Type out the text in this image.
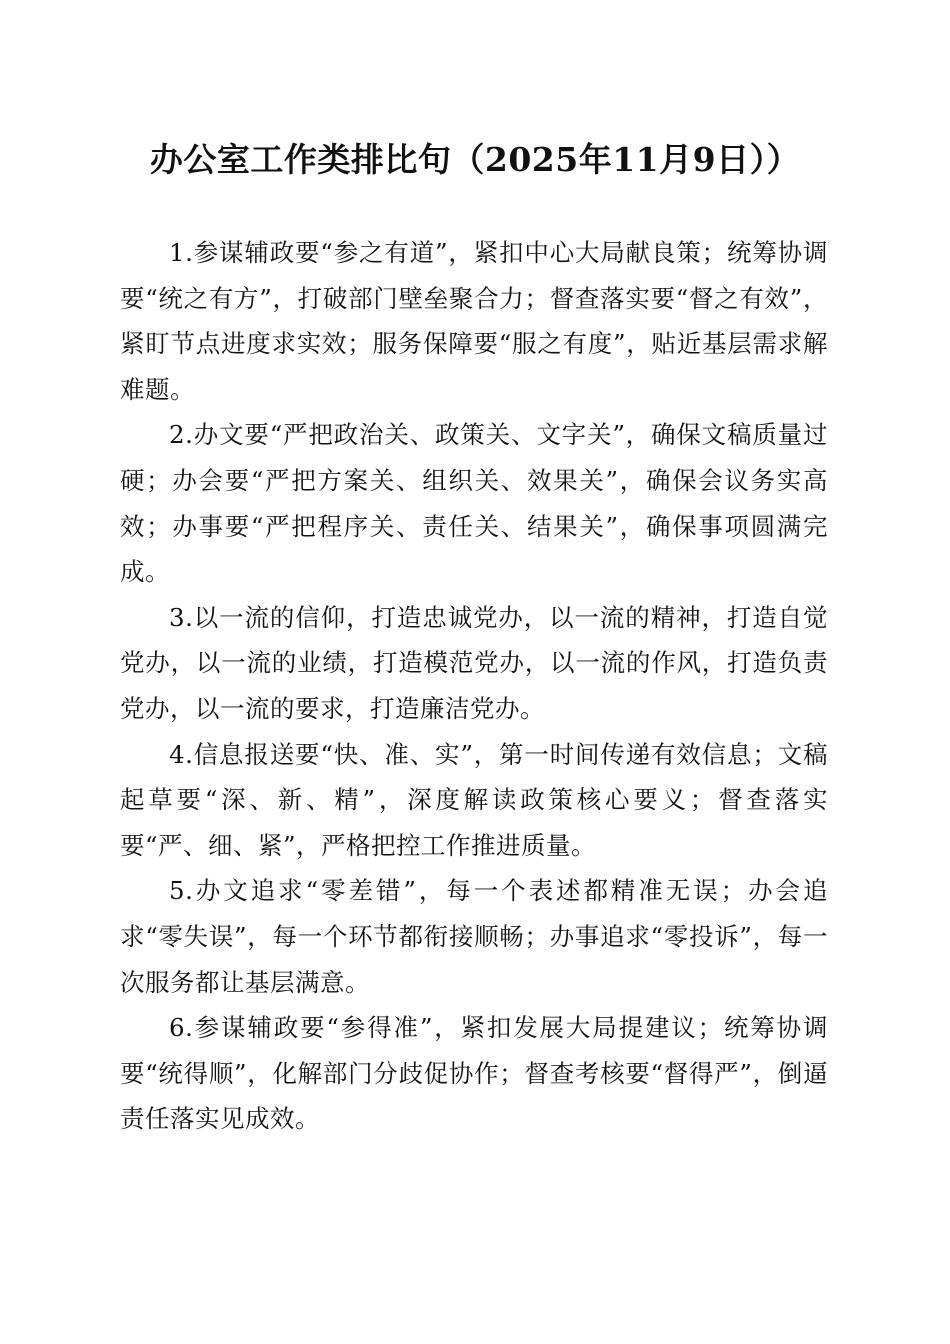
办公室工作类排比句（2025年11月9日））

1.参谋辅政要“参之有道”，紧扣中心大局献良策；统筹协调要“统之有方”，打破部门壁垒聚合力；督查落实要“督之有效”，紧盯节点进度求实效；服务保障要“服之有度”，贴近基层需求解难题。

2.办文要“严把政治关、政策关、文字关”，确保文稿质量过硬；办会要“严把方案关、组织关、效果关”，确保会议务实高效；办事要“严把程序关、责任关、结果关”，确保事项圆满完成。

3.以一流的信仰，打造忠诚党办，以一流的精神，打造自觉党办，以一流的业绩，打造模范党办，以一流的作风，打造负责党办，以一流的要求，打造廉洁党办。

4.信息报送要“快、准、实”，第一时间传递有效信息；文稿起草要“深、新、精”，深度解读政策核心要义；督查落实要“严、细、紧”，严格把控工作推进质量。

5.办文追求“零差错”，每一个表述都精准无误；办会追求“零失误”，每一个环节都衔接顺畅；办事追求“零投诉”，每一次服务都让基层满意。

6.参谋辅政要“参得准”，紧扣发展大局提建议；统筹协调要“统得顺”，化解部门分歧促协作；督查考核要“督得严”，倒逼责任落实见成效。
